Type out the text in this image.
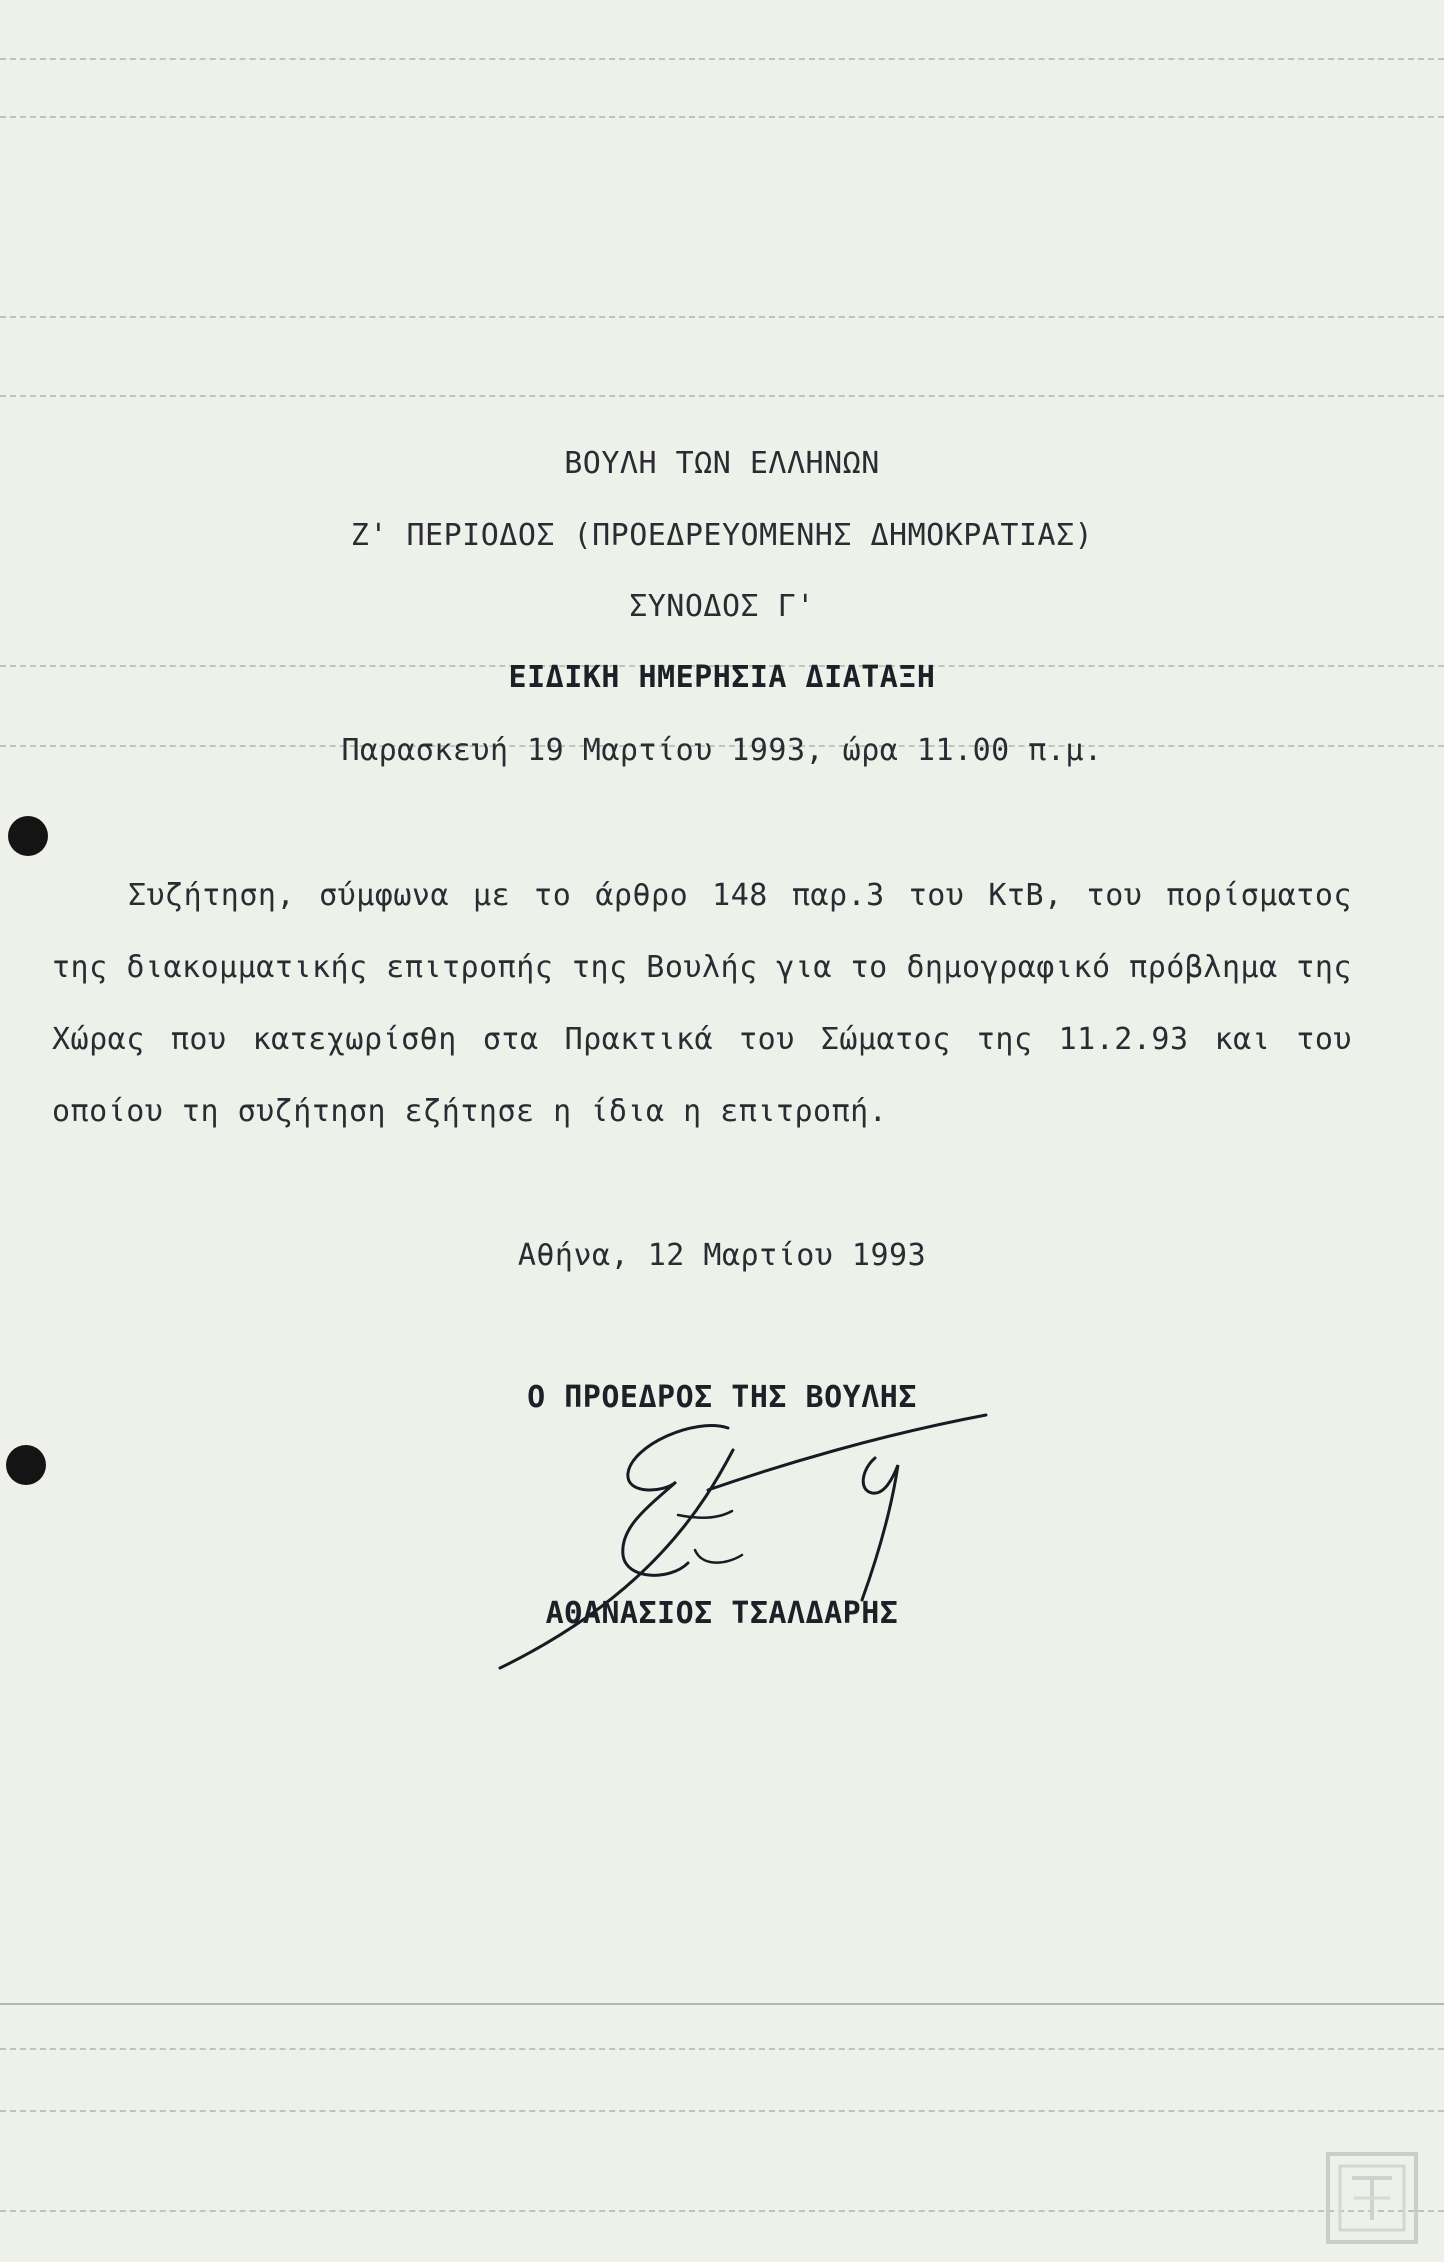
ΒΟΥΛΗ ΤΩΝ ΕΛΛΗΝΩΝ
Ζ' ΠΕΡΙΟΔΟΣ (ΠΡΟΕΔΡΕΥΟΜΕΝΗΣ ΔΗΜΟΚΡΑΤΙΑΣ)
ΣΥΝΟΔΟΣ Γ'
ΕΙΔΙΚΗ ΗΜΕΡΗΣΙΑ ΔΙΑΤΑΞΗ
Παρασκευή 19 Μαρτίου 1993, ώρα 11.00 π.μ.
Συζήτηση, σύμφωνα με το άρθρο 148 παρ.3 του ΚτΒ, του πορίσματος της διακομματικής επιτροπής της Βουλής για το δημογραφικό πρόβλημα της Χώρας που κατεχωρίσθη στα Πρακτικά του Σώματος της 11.2.93 και του οποίου τη συζήτηση εζήτησε η ίδια η επιτροπή.
Αθήνα, 12 Μαρτίου 1993
Ο ΠΡΟΕΔΡΟΣ ΤΗΣ ΒΟΥΛΗΣ
ΑΘΑΝΑΣΙΟΣ ΤΣΑΛΔΑΡΗΣ
